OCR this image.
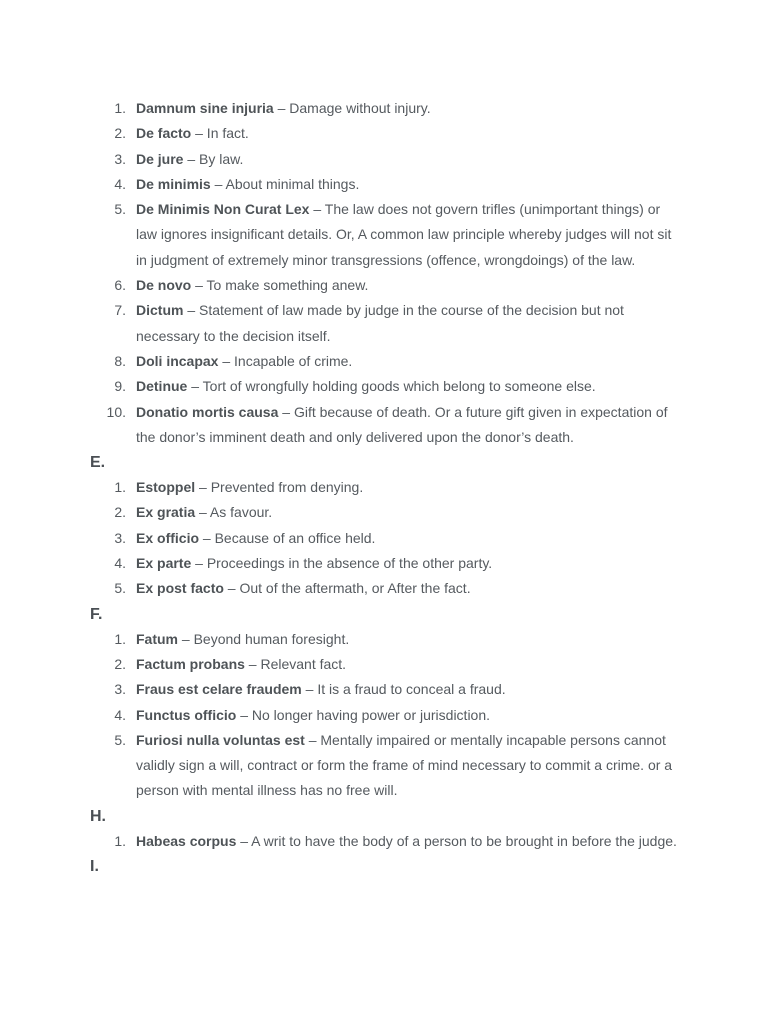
1. Damnum sine injuria – Damage without injury.
2. De facto – In fact.
3. De jure – By law.
4. De minimis – About minimal things.
5. De Minimis Non Curat Lex – The law does not govern trifles (unimportant things) or law ignores insignificant details. Or, A common law principle whereby judges will not sit in judgment of extremely minor transgressions (offence, wrongdoings) of the law.
6. De novo – To make something anew.
7. Dictum – Statement of law made by judge in the course of the decision but not necessary to the decision itself.
8. Doli incapax – Incapable of crime.
9. Detinue – Tort of wrongfully holding goods which belong to someone else.
10. Donatio mortis causa – Gift because of death. Or a future gift given in expectation of the donor’s imminent death and only delivered upon the donor’s death.
E.
1. Estoppel – Prevented from denying.
2. Ex gratia – As favour.
3. Ex officio – Because of an office held.
4. Ex parte – Proceedings in the absence of the other party.
5. Ex post facto – Out of the aftermath, or After the fact.
F.
1. Fatum – Beyond human foresight.
2. Factum probans – Relevant fact.
3. Fraus est celare fraudem – It is a fraud to conceal a fraud.
4. Functus officio – No longer having power or jurisdiction.
5. Furiosi nulla voluntas est – Mentally impaired or mentally incapable persons cannot validly sign a will, contract or form the frame of mind necessary to commit a crime. or a person with mental illness has no free will.
H.
1. Habeas corpus – A writ to have the body of a person to be brought in before the judge.
I.
